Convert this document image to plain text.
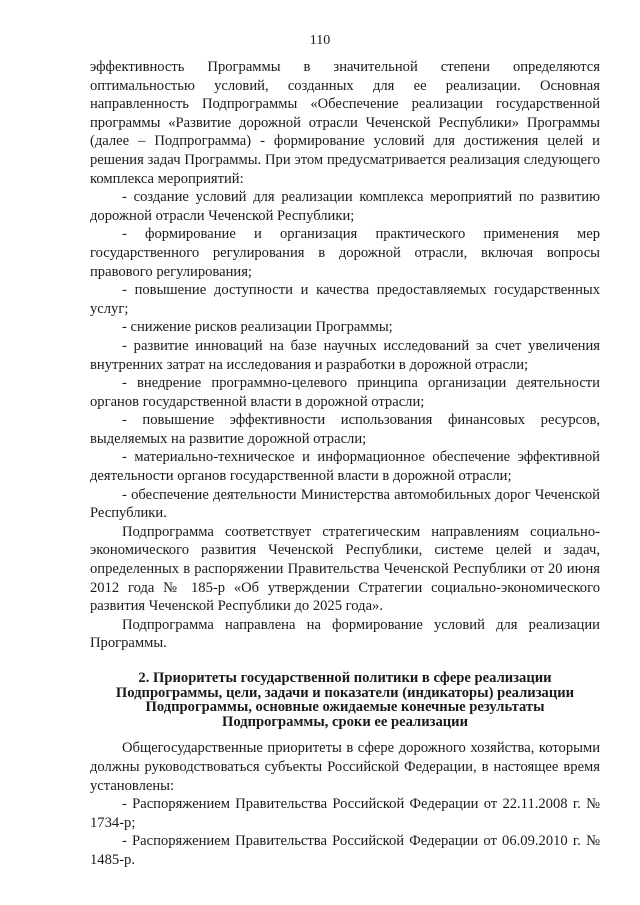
110

эффективность Программы в значительной степени определяются оптимальностью условий, созданных для ее реализации. Основная направленность Подпрограммы «Обеспечение реализации государственной программы «Развитие дорожной отрасли Чеченской Республики» Программы (далее – Подпрограмма) - формирование условий для достижения целей и решения задач Программы. При этом предусматривается реализация следующего комплекса мероприятий:

- создание условий для реализации комплекса мероприятий по развитию дорожной отрасли Чеченской Республики;

- формирование и организация практического применения мер государственного регулирования в дорожной отрасли, включая вопросы правового регулирования;

- повышение доступности и качества предоставляемых государственных услуг;

- снижение рисков реализации Программы;

- развитие инноваций на базе научных исследований за счет увеличения внутренних затрат на исследования и разработки в дорожной отрасли;

- внедрение программно-целевого принципа организации деятельности органов государственной власти в дорожной отрасли;

- повышение эффективности использования финансовых ресурсов, выделяемых на развитие дорожной отрасли;

- материально-техническое и информационное обеспечение эффективной деятельности органов государственной власти в дорожной отрасли;

- обеспечение деятельности Министерства автомобильных дорог Чеченской Республики.

Подпрограмма соответствует стратегическим направлениям социально-экономического развития Чеченской Республики, системе целей и задач, определенных в распоряжении Правительства Чеченской Республики от 20 июня 2012 года № 185-р «Об утверждении Стратегии социально-экономического развития Чеченской Республики до 2025 года».

Подпрограмма направлена на формирование условий для реализации Программы.

2. Приоритеты государственной политики в сфере реализации Подпрограммы, цели, задачи и показатели (индикаторы) реализации Подпрограммы, основные ожидаемые конечные результаты Подпрограммы, сроки ее реализации

Общегосударственные приоритеты в сфере дорожного хозяйства, которыми должны руководствоваться субъекты Российской Федерации, в настоящее время установлены:

- Распоряжением Правительства Российской Федерации от 22.11.2008 г. № 1734-р;

- Распоряжением Правительства Российской Федерации от 06.09.2010 г. № 1485-р.
